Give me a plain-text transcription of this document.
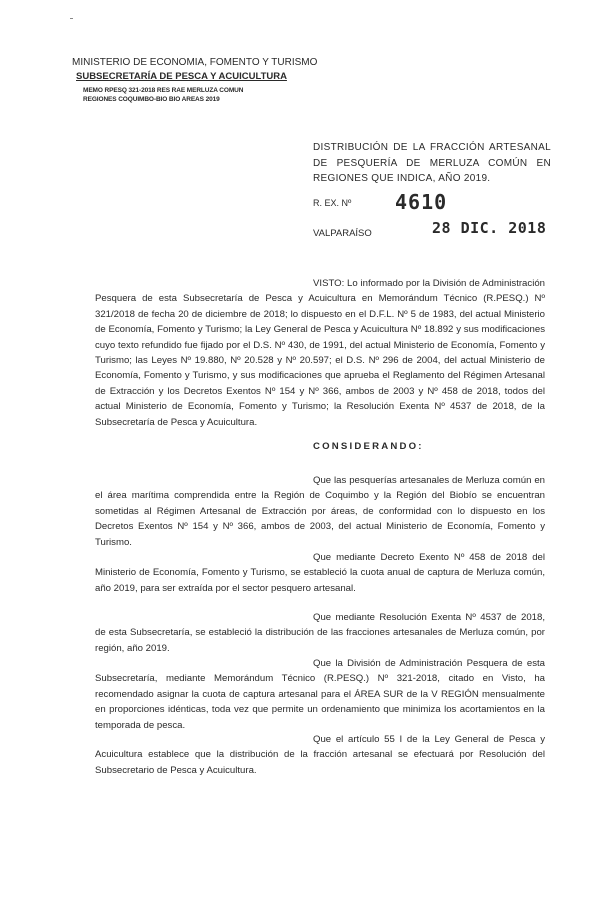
MINISTERIO DE ECONOMIA, FOMENTO Y TURISMO
SUBSECRETARÍA DE PESCA Y ACUICULTURA
MEMO RPESQ 321-2018 RES RAE MERLUZA COMUN
REGIONES COQUIMBO-BIO BIO AREAS 2019
DISTRIBUCIÓN DE LA FRACCIÓN ARTESANAL DE PESQUERÍA DE MERLUZA COMÚN EN REGIONES QUE INDICA, AÑO 2019.
R. EX. Nº 4610
VALPARAÍSO	28 DIC. 2018
VISTO: Lo informado por la División de Administración Pesquera de esta Subsecretaría de Pesca y Acuicultura en Memorándum Técnico (R.PESQ.) Nº 321/2018 de fecha 20 de diciembre de 2018; lo dispuesto en el D.F.L. Nº 5 de 1983, del actual Ministerio de Economía, Fomento y Turismo; la Ley General de Pesca y Acuicultura Nº 18.892 y sus modificaciones cuyo texto refundido fue fijado por el D.S. Nº 430, de 1991, del actual Ministerio de Economía, Fomento y Turismo; las Leyes Nº 19.880, Nº 20.528 y Nº 20.597; el D.S. Nº 296 de 2004, del actual Ministerio de Economía, Fomento y Turismo, y sus modificaciones que aprueba el Reglamento del Régimen Artesanal de Extracción y los Decretos Exentos Nº 154 y Nº 366, ambos de 2003 y Nº 458 de 2018, todos del actual Ministerio de Economía, Fomento y Turismo; la Resolución Exenta Nº 4537 de 2018, de la Subsecretaría de Pesca y Acuicultura.
CONSIDERANDO:
Que las pesquerías artesanales de Merluza común en el área marítima comprendida entre la Región de Coquimbo y la Región del Biobío se encuentran sometidas al Régimen Artesanal de Extracción por áreas, de conformidad con lo dispuesto en los Decretos Exentos Nº 154 y Nº 366, ambos de 2003, del actual Ministerio de Economía, Fomento y Turismo.
Que mediante Decreto Exento Nº 458 de 2018 del Ministerio de Economía, Fomento y Turismo, se estableció la cuota anual de captura de Merluza común, año 2019, para ser extraída por el sector pesquero artesanal.
Que mediante Resolución Exenta Nº 4537 de 2018, de esta Subsecretaría, se estableció la distribución de las fracciones artesanales de Merluza común, por región, año 2019.
Que la División de Administración Pesquera de esta Subsecretaría, mediante Memorándum Técnico (R.PESQ.) Nº 321-2018, citado en Visto, ha recomendado asignar la cuota de captura artesanal para el ÁREA SUR de la V REGIÓN mensualmente en proporciones idénticas, toda vez que permite un ordenamiento que minimiza los acortamientos en la temporada de pesca.
Que el artículo 55 I de la Ley General de Pesca y Acuicultura establece que la distribución de la fracción artesanal se efectuará por Resolución del Subsecretario de Pesca y Acuicultura.
